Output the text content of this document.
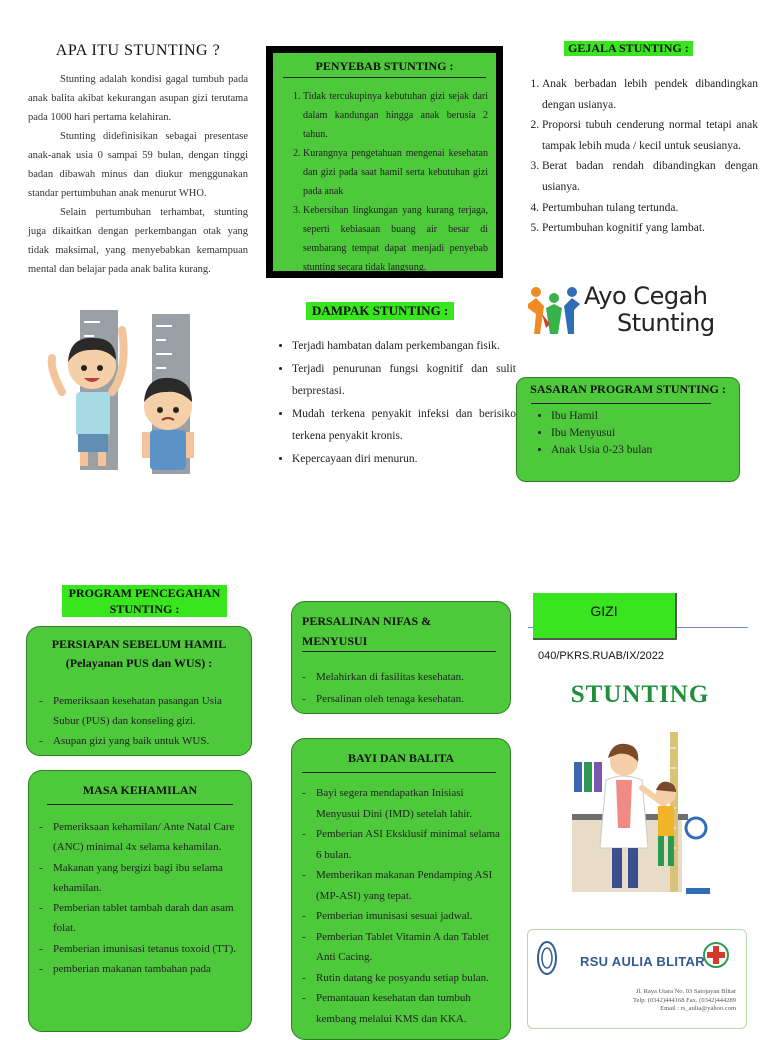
APA ITU STUNTING ?

Stunting adalah kondisi gagal tumbuh pada anak balita akibat kekurangan asupan gizi terutama pada 1000 hari pertama kelahiran.

Stunting didefinisikan sebagai presentase anak-anak usia 0 sampai 59 bulan, dengan tinggi badan dibawah minus dan diukur menggunakan standar pertumbuhan anak menurut WHO.

Selain pertumbuhan terhambat, stunting juga dikaitkan dengan perkembangan otak yang tidak maksimal, yang menyebabkan kemampuan mental dan belajar pada anak balita kurang.

PENYEBAB STUNTING :
1. Tidak tercukupinya kebutuhan gizi sejak dari dalam kandungan hingga anak berusia 2 tahun.
2. Kurangnya pengetahuan mengenai kesehatan dan gizi pada saat hamil serta kebutuhan gizi pada anak
3. Kebersihan lingkungan yang kurang terjaga, seperti kebiasaan buang air besar di sembarang tempat dapat menjadi penyebab stunting secara tidak langsung.
DAMPAK STUNTING :
• Terjadi hambatan dalam perkembangan fisik.
• Terjadi penurunan fungsi kognitif dan sulit berprestasi.
• Mudah terkena penyakit infeksi dan berisiko terkena penyakit kronis.
• Kepercayaan diri menurun.
GEJALA STUNTING :
1. Anak berbadan lebih pendek dibandingkan dengan usianya.
2. Proporsi tubuh cenderung normal tetapi anak tampak lebih muda / kecil untuk seusianya.
3. Berat badan rendah dibandingkan dengan usianya.
4. Pertumbuhan tulang tertunda.
5. Pertumbuhan kognitif yang lambat.
Ayo Cegah
Stunting
SASARAN PROGRAM STUNTING :
• Ibu Hamil
• Ibu Menyusui
• Anak Usia 0-23 bulan
PROGRAM PENCEGAHAN STUNTING :
PERSIAPAN SEBELUM HAMIL
(Pelayanan PUS dan WUS) :
- Pemeriksaan kesehatan pasangan Usia Subur (PUS) dan konseling gizi.
- Asupan gizi yang baik untuk WUS.
MASA KEHAMILAN
- Pemeriksaan kehamilan/ Ante Natal Care (ANC) minimal 4x selama kehamilan.
- Makanan yang bergizi bagi ibu selama kehamilan.
- Pemberian tablet tambah darah dan asam folat.
- Pemberian imunisasi tetanus toxoid (TT).
- pemberian makanan tambahan pada
PERSALINAN NIFAS &
MENYUSUI
- Melahirkan di fasilitas kesehatan.
- Persalinan oleh tenaga kesehatan.
BAYI DAN BALITA
- Bayi segera mendapatkan Inisiasi Menyusui Dini (IMD) setelah lahir.
- Pemberian ASI Eksklusif minimal selama 6 bulan.
- Memberikan makanan Pendamping ASI (MP-ASI) yang tepat.
- Pemberian imunisasi sesuai jadwal.
- Pemberian Tablet Vitamin A dan Tablet Anti Cacing.
- Rutin datang ke posyandu setiap bulan.
- Pemantauan kesehatan dan tumbuh kembang melalui KMS dan KKA.
GIZI
040/PKRS.RUAB/IX/2022
STUNTING
RSU AULIA BLITAR
Jl. Raya Utara No. 03 Satojayan Blitar
Telp. (0342)444168 Fax. (0342)444289
Email : rs_aulia@yahoo.com
